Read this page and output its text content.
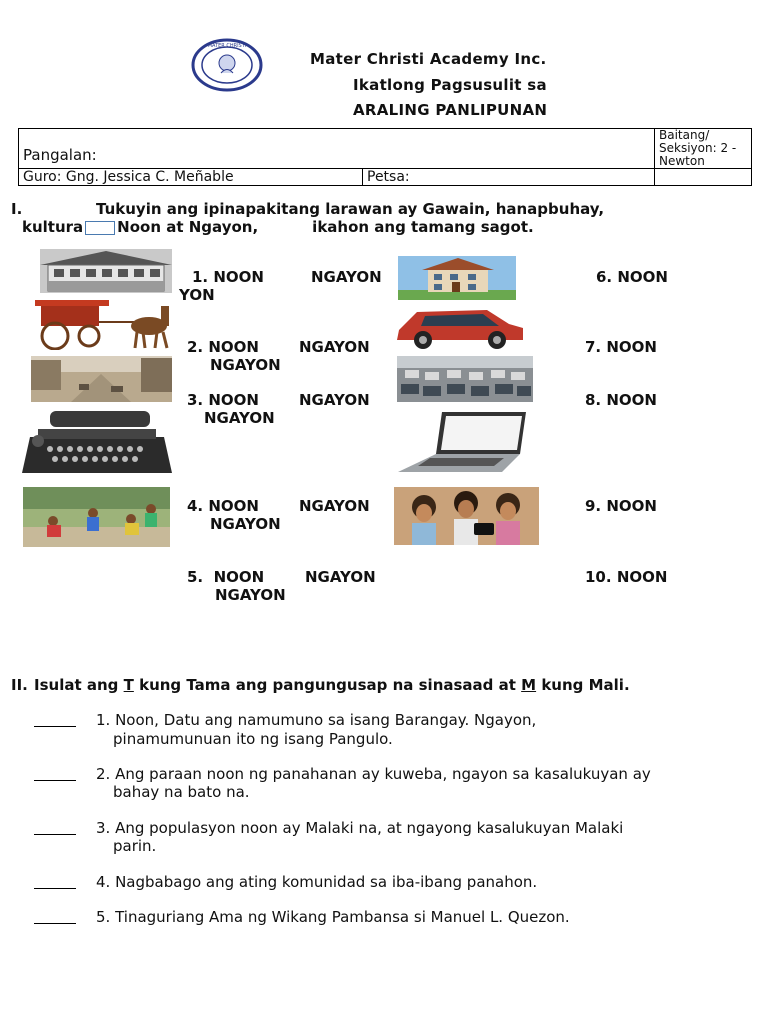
MATER CHRISTI
Mater Christi Academy Inc.
Ikatlong Pagsusulit sa
ARALING PANLIPUNAN
Pangalan:		Baitang/ Seksiyon: 2 - Newton
Guro: Gng. Jessica C. Meñable	Petsa:	
I.	Tukuyin ang ipinapakitang larawan ay Gawain, hanapbuhay,
kultura Noon at Ngayon,	ikahon ang tamang sagot.
1. NOON	NGAYON
YON
2. NOON	NGAYON
NGAYON
3. NOON	NGAYON
NGAYON
4. NOON	NGAYON
NGAYON
5. NOON	NGAYON
NGAYON
6. NOON
7. NOON
8. NOON
9. NOON
10. NOON
II. Isulat ang T kung Tama ang pangungusap na sinasaad at M kung Mali.
1. Noon, Datu ang namumuno sa isang Barangay. Ngayon,
pinamumunuan ito ng isang Pangulo.
2. Ang paraan noon ng panahanan ay kuweba, ngayon sa kasalukuyan ay
bahay na bato na.
3. Ang populasyon noon ay Malaki na, at ngayong kasalukuyan Malaki
parin.
4. Nagbabago ang ating komunidad sa iba-ibang panahon.
5. Tinaguriang Ama ng Wikang Pambansa si Manuel L. Quezon.
